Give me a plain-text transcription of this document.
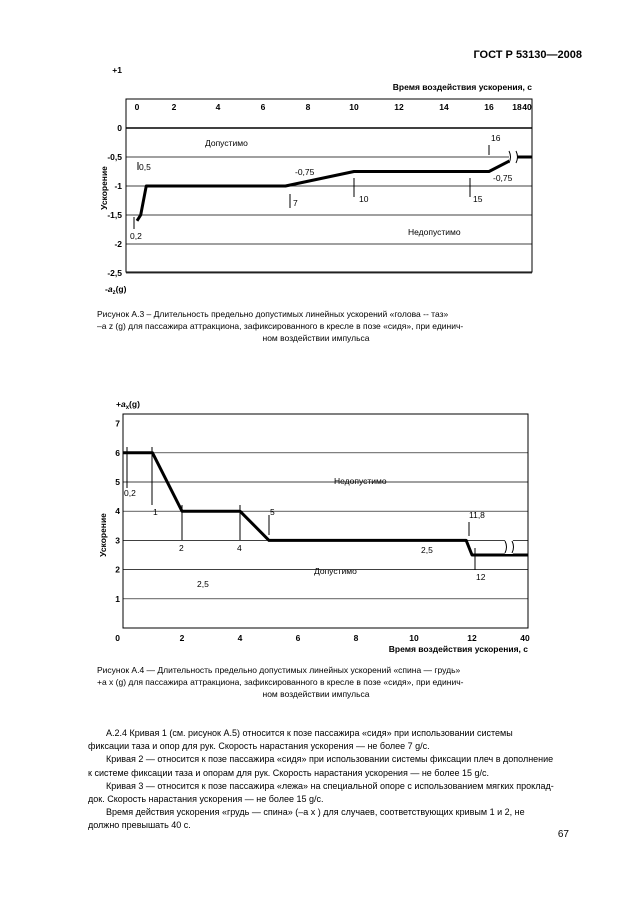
ГОСТ Р 53130—2008
+1
0
-0,5
-1
-1,5
-2
-2,5
0	2	4	6	8	10	12	14	16 18 40
Время воздействия ускорения, с
Ускорение
$-a_z(g)$
Допустимо
Недопустимо
0,5	-0,75
16
-0,75
0,2
7	10	15
Рисунок А.3 – Длительность предельно допустимых линейных ускорений «голова -- таз»
–a z (g) для пассажира аттракциона, зафиксированного в кресле в позе «сидя», при единич-
ном воздействии импульса
1
2
3
4
5
6
7
0	2	4	6	8	10	12	40
Время воздействия ускорения, с
Ускорение
$+a_x(g)$
Недопустимо
Допустимо
0,2
1
2	4
5	11,8
12
2,5
2,5
Рисунок А.4 — Длительность предельно допустимых линейных ускорений «спина — грудь»
+a x (g) для пассажира аттракциона, зафиксированного в кресле в позе «сидя», при единич-
ном воздействии импульса

А.2.4 Кривая 1 (см. рисунок А.5) относится к позе пассажира «сидя» при использовании системы фиксации таза и опор для рук. Скорость нарастания ускорения — не более 7 g/с.

Кривая 2 — относится к позе пассажира «сидя» при использовании системы фиксации плеч в дополнение к системе фиксации таза и опорам для рук. Скорость нарастания ускорения — не более 15 g/с.

Кривая 3 — относится к позе пассажира «лежа» на специальной опоре с использованием мягких проклад- док. Скорость нарастания ускорения — не более 15 g/с.

Время действия ускорения «грудь — спина» (–a x ) для случаев, соответствующих кривым 1 и 2, не должно превышать 40 с.

67
